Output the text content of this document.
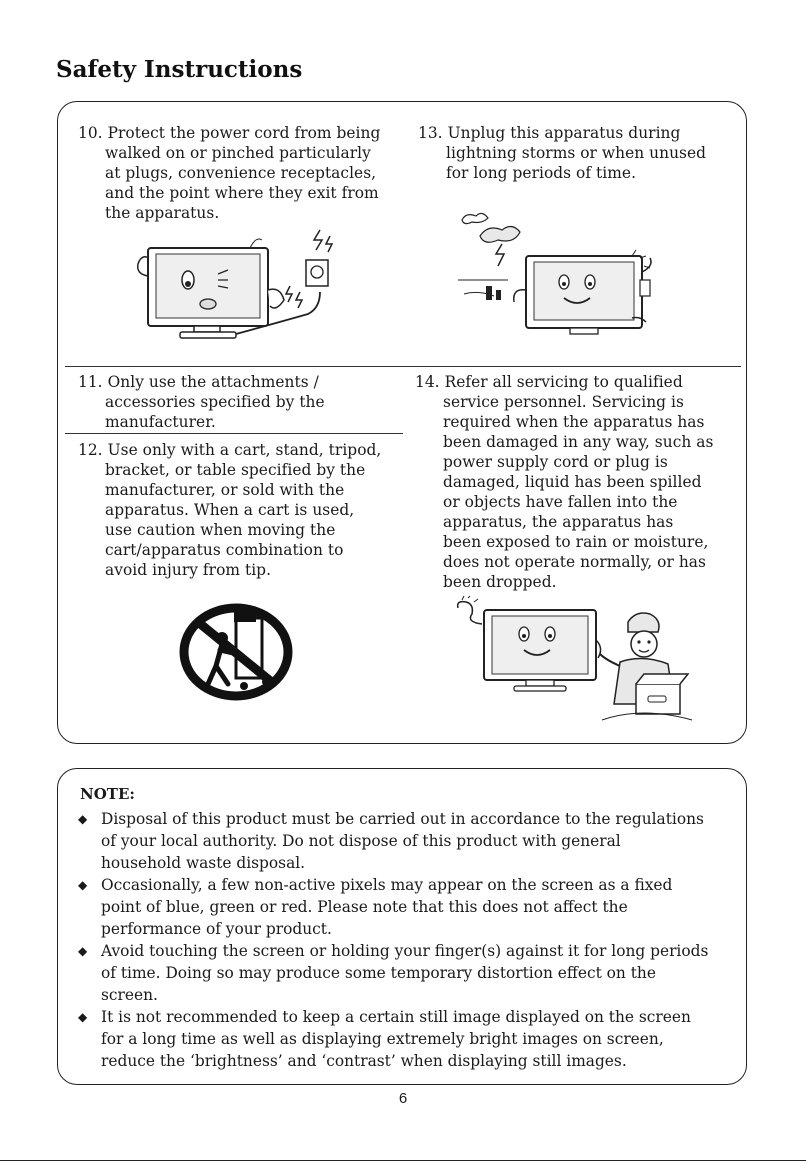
Safety Instructions

10. Protect the power cord from being

walked on or pinched particularly

at plugs, convenience receptacles,

and the point where they exit from

the apparatus.

13. Unplug this apparatus during

lightning storms or when unused

for long periods of time.

11. Only use the attachments /

accessories specified by the

manufacturer.

12. Use only with a cart, stand, tripod,

bracket, or table specified by the

manufacturer, or sold with the

apparatus. When a cart is used,

use caution when moving the

cart/apparatus combination to

avoid injury from tip.

14. Refer all servicing to qualified

service personnel. Servicing is

required when the apparatus has

been damaged in any way, such as

power supply cord or plug is

damaged, liquid has been spilled

or objects have fallen into the

apparatus, the apparatus has

been exposed to rain or moisture,

does not operate normally, or has

been dropped.

NOTE:
◆ Disposal of this product must be carried out in accordance to the regulations
of your local authority. Do not dispose of this product with general
household waste disposal.
◆ Occasionally, a few non-active pixels may appear on the screen as a fixed
point of blue, green or red. Please note that this does not affect the
performance of your product.
◆ Avoid touching the screen or holding your finger(s) against it for long periods
of time. Doing so may produce some temporary distortion effect on the
screen.
◆ It is not recommended to keep a certain still image displayed on the screen
for a long time as well as displaying extremely bright images on screen,
reduce the ‘brightness’ and ‘contrast’ when displaying still images.
6
